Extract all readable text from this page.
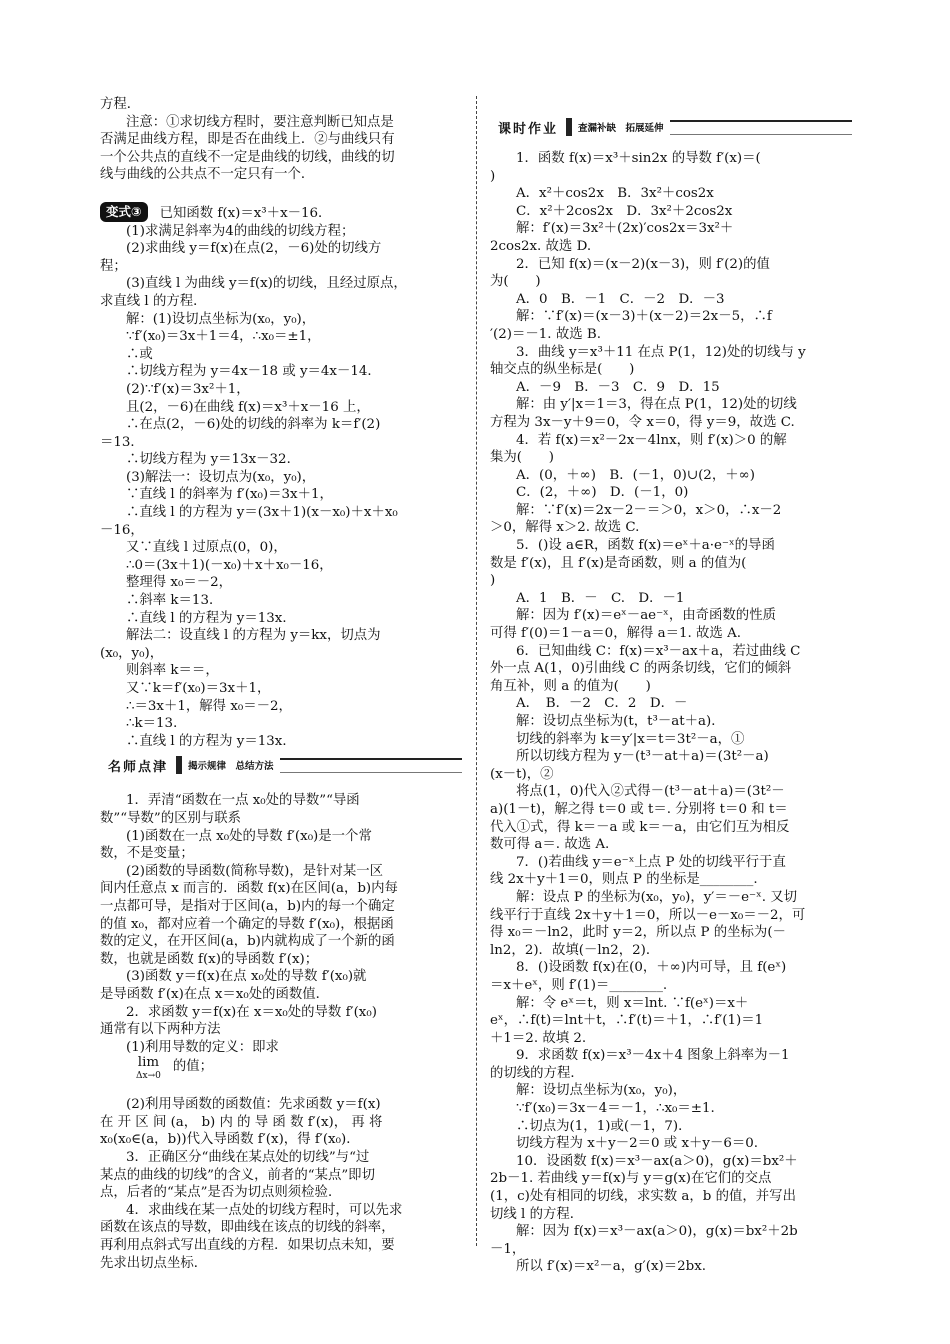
方程．
注意：①求切线方程时，要注意判断已知点是
否满足曲线方程，即是否在曲线上．②与曲线只有
一个公共点的直线不一定是曲线的切线，曲线的切
线与曲线的公共点不一定只有一个．
变式③ 已知函数 f(x)＝x³＋x－16．
(1)求满足斜率为4的曲线的切线方程；
(2)求曲线 y＝f(x)在点(2，－6)处的切线方
程；
(3)直线 l 为曲线 y＝f(x)的切线，且经过原点，
求直线 l 的方程．
解：(1)设切点坐标为(x₀，y₀)，
∵f′(x₀)＝3x＋1＝4，∴x₀＝±1，
∴或
∴切线方程为 y＝4x－18 或 y＝4x－14．
(2)∵f′(x)＝3x²＋1，
且(2，－6)在曲线 f(x)＝x³＋x－16 上，
∴在点(2，－6)处的切线的斜率为 k＝f′(2)
＝13．
∴切线方程为 y＝13x－32．
(3)解法一：设切点为(x₀，y₀)，
∵直线 l 的斜率为 f′(x₀)＝3x＋1，
∴直线 l 的方程为 y＝(3x＋1)(x－x₀)＋x＋x₀
－16，
又∵直线 l 过原点(0，0)，
∴0＝(3x＋1)(－x₀)＋x＋x₀－16，
整理得 x₀＝－2，
∴斜率 k＝13．
∴直线 l 的方程为 y＝13x．
解法二：设直线 l 的方程为 y＝kx，切点为
(x₀，y₀)，
则斜率 k＝＝，
又∵k＝f′(x₀)＝3x＋1，
∴＝3x＋1，解得 x₀＝－2，
∴k＝13．
∴直线 l 的方程为 y＝13x．
名师点津	揭示规律　总结方法
1．弄清“函数在一点 x₀处的导数”“导函
数”“导数”的区别与联系
(1)函数在一点 x₀处的导数 f′(x₀)是一个常
数，不是变量；
(2)函数的导函数(简称导数)，是针对某一区
间内任意点 x 而言的．函数 f(x)在区间(a，b)内每
一点都可导，是指对于区间(a，b)内的每一个确定
的值 x₀，都对应着一个确定的导数 f′(x₀)，根据函
数的定义，在开区间(a，b)内就构成了一个新的函
数，也就是函数 f(x)的导函数 f′(x)；
(3)函数 y＝f(x)在点 x₀处的导数 f′(x₀)就
是导函数 f′(x)在点 x＝x₀处的函数值．
2．求函数 y＝f(x)在 x＝x₀处的导数 f′(x₀)
通常有以下两种方法
(1)利用导数的定义：即求
lim
Δx→0
的值；
(2)利用导函数的函数值：先求函数 y＝f(x)
在 开 区 间 (a， b) 内 的 导 函 数 f′(x)， 再 将
x₀(x₀∈(a，b))代入导函数 f′(x)，得 f′(x₀)．
3．正确区分“曲线在某点处的切线”与“过
某点的曲线的切线”的含义，前者的“某点”即切
点，后者的“某点”是否为切点则须检验．
4．求曲线在某一点处的切线方程时，可以先求
函数在该点的导数，即曲线在该点的切线的斜率，
再利用点斜式写出直线的方程．如果切点未知，要
先求出切点坐标．
课时作业	查漏补缺　拓展延伸
1．函数 f(x)＝x³＋sin2x 的导数 f′(x)＝(
)
A．x²＋cos2x　B．3x²＋cos2x
C．x²＋2cos2x　D．3x²＋2cos2x
解：f′(x)＝3x²＋(2x)′cos2x＝3x²＋
2cos2x. 故选 D.
2．已知 f(x)＝(x－2)(x－3)，则 f′(2)的值
为(　　)
A．0　B．－1　C．－2　D．－3
解：∵f′(x)＝(x－3)＋(x－2)＝2x－5，∴f
′(2)＝－1. 故选 B.
3．曲线 y＝x³＋11 在点 P(1，12)处的切线与 y
轴交点的纵坐标是(　　)
A．－9　B．－3　C．9　D．15
解：由 y′|x＝1＝3，得在点 P(1，12)处的切线
方程为 3x－y＋9＝0，令 x＝0，得 y＝9，故选 C.
4．若 f(x)＝x²－2x－4lnx，则 f′(x)＞0 的解
集为(　　)
A．(0，＋∞)　B．(－1，0)∪(2，＋∞)
C．(2，＋∞)　D．(－1，0)
解：∵f′(x)＝2x－2－＝＞0，x＞0，∴x－2
＞0，解得 x＞2. 故选 C.
5．()设 a∈R，函数 f(x)＝eˣ＋a·e⁻ˣ的导函
数是 f′(x)，且 f′(x)是奇函数，则 a 的值为(
)
A．1　B．－　C.　D．－1
解：因为 f′(x)＝eˣ－ae⁻ˣ，由奇函数的性质
可得 f′(0)＝1－a＝0，解得 a＝1. 故选 A.
6．已知曲线 C：f(x)＝x³－ax＋a，若过曲线 C
外一点 A(1，0)引曲线 C 的两条切线，它们的倾斜
角互补，则 a 的值为(　　)
A．　B．－2　C．2　D．－
解：设切点坐标为(t，t³－at＋a)．
切线的斜率为 k＝y′|x＝t＝3t²－a，①
所以切线方程为 y－(t³－at＋a)＝(3t²－a)
(x－t)，②
将点(1，0)代入②式得－(t³－at＋a)＝(3t²－
a)(1－t)，解之得 t＝0 或 t＝. 分别将 t＝0 和 t＝
代入①式，得 k＝－a 或 k＝－a，由它们互为相反
数可得 a＝. 故选 A.
7．()若曲线 y＝e⁻ˣ上点 P 处的切线平行于直
线 2x＋y＋1＝0，则点 P 的坐标是________.
解：设点 P 的坐标为(x₀，y₀)，y′＝－e⁻ˣ. 又切
线平行于直线 2x＋y＋1＝0，所以－e－x₀＝－2，可
得 x₀＝－ln2，此时 y＝2，所以点 P 的坐标为(－
ln2，2)．故填(－ln2，2)．
8．()设函数 f(x)在(0，＋∞)内可导，且 f(eˣ)
＝x＋eˣ，则 f′(1)＝________.
解：令 eˣ＝t，则 x＝lnt. ∵f(eˣ)＝x＋
eˣ，∴f(t)＝lnt＋t，∴f′(t)＝＋1，∴f′(1)＝1
＋1＝2. 故填 2.
9．求函数 f(x)＝x³－4x＋4 图象上斜率为－1
的切线的方程．
解：设切点坐标为(x₀，y₀)，
∵f′(x₀)＝3x－4＝－1，∴x₀＝±1.
∴切点为(1，1)或(－1，7)．
切线方程为 x＋y－2＝0 或 x＋y－6＝0.
10．设函数 f(x)＝x³－ax(a＞0)，g(x)＝bx²＋
2b－1. 若曲线 y＝f(x)与 y＝g(x)在它们的交点
(1，c)处有相同的切线，求实数 a，b 的值，并写出
切线 l 的方程．
解：因为 f(x)＝x³－ax(a＞0)，g(x)＝bx²＋2b
－1，
所以 f′(x)＝x²－a，g′(x)＝2bx.
